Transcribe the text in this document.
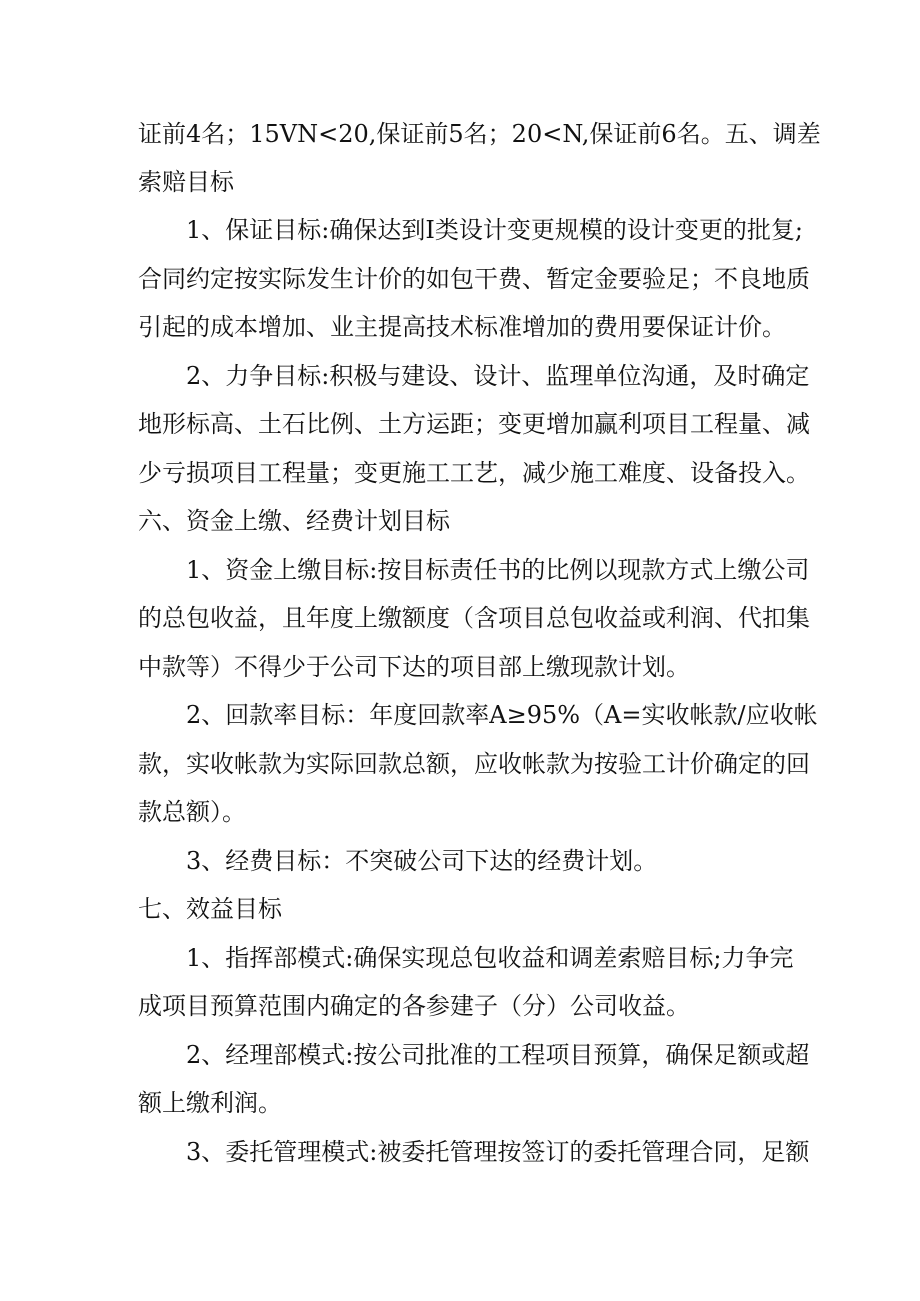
证前4名；15VN<20,保证前5名；20<N,保证前6名。五、调差
索赔目标
1、保证目标:确保达到I类设计变更规模的设计变更的批复;
合同约定按实际发生计价的如包干费、暂定金要验足；不良地质
引起的成本增加、业主提高技术标准增加的费用要保证计价。
2、力争目标:积极与建设、设计、监理单位沟通，及时确定
地形标高、土石比例、土方运距；变更增加赢利项目工程量、减
少亏损项目工程量；变更施工工艺，减少施工难度、设备投入。
六、资金上缴、经费计划目标
1、资金上缴目标:按目标责任书的比例以现款方式上缴公司
的总包收益，且年度上缴额度（含项目总包收益或利润、代扣集
中款等）不得少于公司下达的项目部上缴现款计划。
2、回款率目标：年度回款率A≥95%（A=实收帐款/应收帐
款，实收帐款为实际回款总额，应收帐款为按验工计价确定的回
款总额）。
3、经费目标：不突破公司下达的经费计划。
七、效益目标
1、指挥部模式:确保实现总包收益和调差索赔目标;力争完
成项目预算范围内确定的各参建子（分）公司收益。
2、经理部模式:按公司批准的工程项目预算，确保足额或超
额上缴利润。
3、委托管理模式:被委托管理按签订的委托管理合同，足额
